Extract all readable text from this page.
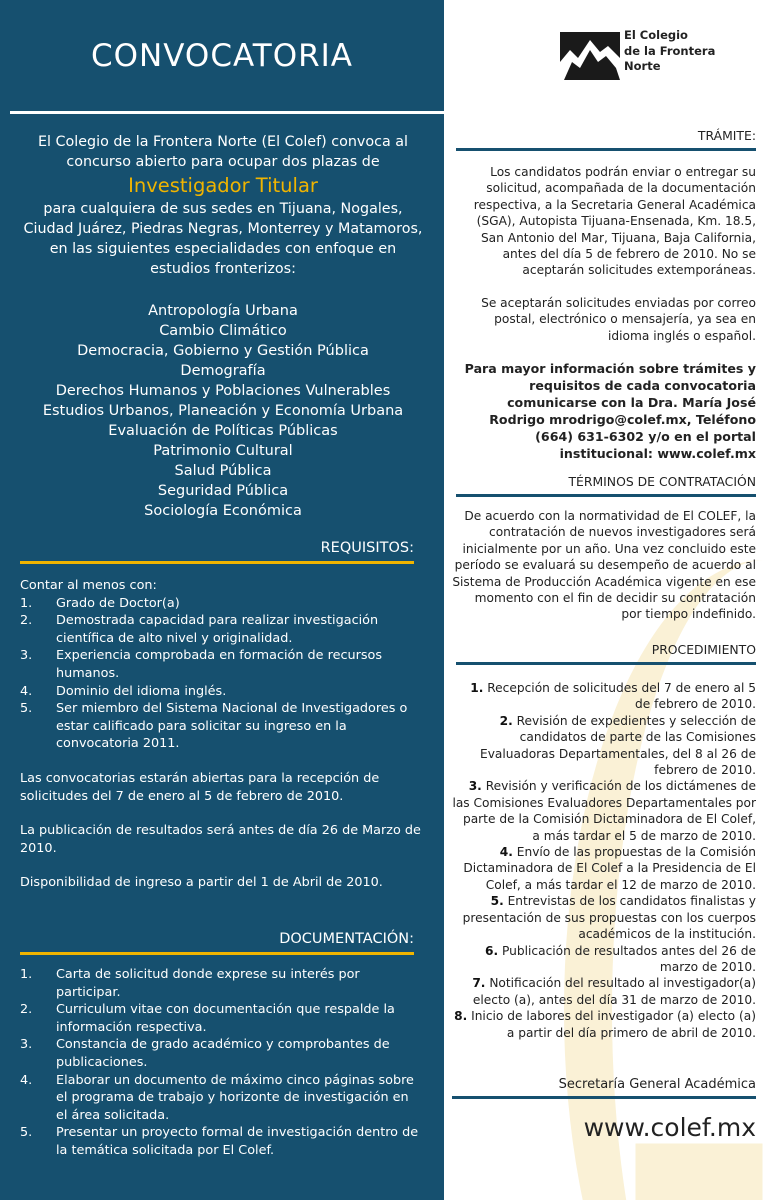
CONVOCATORIA

El Colegio de la Frontera Norte (El Colef) convoca al concurso abierto para ocupar dos plazas de

Investigador Titular

para cualquiera de sus sedes en Tijuana, Nogales, Ciudad Juárez, Piedras Negras, Monterrey y Matamoros, en las siguientes especialidades con enfoque en estudios fronterizos:

Antropología Urbana
Cambio Climático
Democracia, Gobierno y Gestión Pública
Demografía
Derechos Humanos y Poblaciones Vulnerables
Estudios Urbanos, Planeación y Economía Urbana
Evaluación de Políticas Públicas
Patrimonio Cultural
Salud Pública
Seguridad Pública
Sociología Económica
REQUISITOS:

Contar al menos con:

1.	Grado de Doctor(a)
2.	Demostrada capacidad para realizar investigación científica de alto nivel y originalidad.
3.	Experiencia comprobada en formación de recursos humanos.
4.	Dominio del idioma inglés.
5.	Ser miembro del Sistema Nacional de Investigadores o estar calificado para solicitar su ingreso en la convocatoria 2011.

Las convocatorias estarán abiertas para la recepción de solicitudes del 7 de enero al 5 de febrero de 2010.

La publicación de resultados será antes de día 26 de Marzo de 2010.

Disponibilidad de ingreso a partir del 1 de Abril de 2010.

DOCUMENTACIÓN:
1.	Carta de solicitud donde exprese su interés por participar.
2.	Curriculum vitae con documentación que respalde la información respectiva.
3.	Constancia de grado académico y comprobantes de publicaciones.
4.	Elaborar un documento de máximo cinco páginas sobre el programa de trabajo y horizonte de investigación en el área solicitada.
5.	Presentar un proyecto formal de investigación dentro de la temática solicitada por El Colef.
El Colegio
de la Frontera
Norte
TRÁMITE:

Los candidatos podrán enviar o entregar su solicitud, acompañada de la documentación respectiva, a la Secretaria General Académica (SGA), Autopista Tijuana-Ensenada, Km. 18.5, San Antonio del Mar, Tijuana, Baja California, antes del día 5 de febrero de 2010. No se aceptarán solicitudes extemporáneas.

Se aceptarán solicitudes enviadas por correo postal, electrónico o mensajería, ya sea en idioma inglés o español.

Para mayor información sobre trámites y requisitos de cada convocatoria comunicarse con la Dra. María José Rodrigo mrodrigo@colef.mx, Teléfono (664) 631-6302 y/o en el portal institucional: www.colef.mx

TÉRMINOS DE CONTRATACIÓN
De acuerdo con la normatividad de El COLEF, la contratación de nuevos investigadores será inicialmente por un año. Una vez concluido este período se evaluará su desempeño de acuerdo al Sistema de Producción Académica vigente en ese momento con el fin de decidir su contratación por tiempo indefinido.
PROCEDIMIENTO

1. Recepción de solicitudes del 7 de enero al 5 de febrero de 2010.

2. Revisión de expedientes y selección de candidatos de parte de las Comisiones Evaluadoras Departamentales, del 8 al 26 de febrero de 2010.

3. Revisión y verificación de los dictámenes de las Comisiones Evaluadores Departamentales por parte de la Comisión Dictaminadora de El Colef, a más tardar el 5 de marzo de 2010.

4. Envío de las propuestas de la Comisión Dictaminadora de El Colef a la Presidencia de El Colef, a más tardar el 12 de marzo de 2010.

5. Entrevistas de los candidatos finalistas y presentación de sus propuestas con los cuerpos académicos de la institución.

6. Publicación de resultados antes del 26 de marzo de 2010.

7. Notificación del resultado al investigador(a) electo (a), antes del día 31 de marzo de 2010.

8. Inicio de labores del investigador (a) electo (a) a partir del día primero de abril de 2010.

Secretaría General Académica
www.colef.mx
